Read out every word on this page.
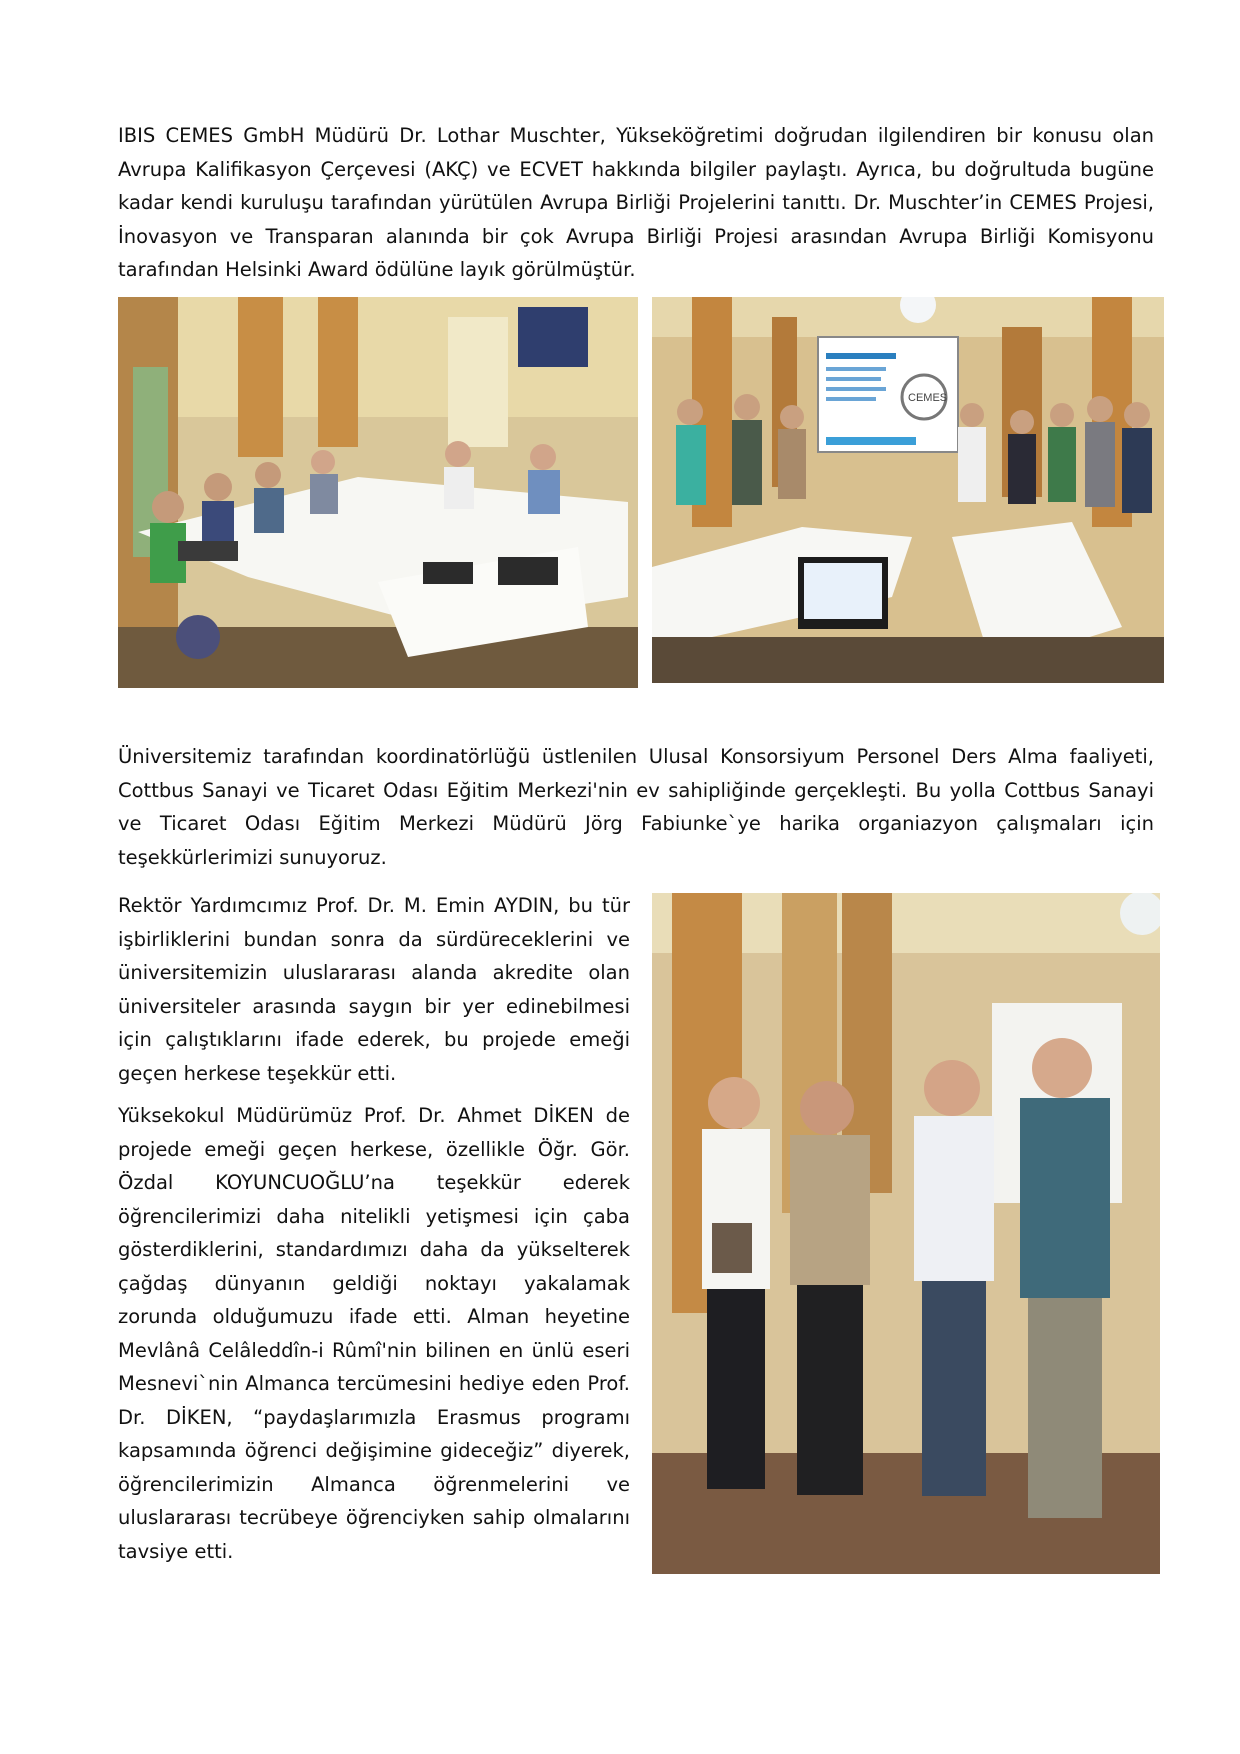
IBIS CEMES GmbH Müdürü Dr. Lothar Muschter, Yükseköğretimi doğrudan ilgilendiren bir konusu olan Avrupa Kalifikasyon Çerçevesi (AKÇ) ve ECVET hakkında bilgiler paylaştı. Ayrıca, bu doğrultuda bugüne kadar kendi kuruluşu tarafından yürütülen Avrupa Birliği Projelerini tanıttı. Dr. Muschter’in CEMES Projesi, İnovasyon ve Transparan alanında bir çok Avrupa Birliği Projesi arasından Avrupa Birliği Komisyonu tarafından Helsinki Award ödülüne layık görülmüştür.

CEMES

Üniversitemiz tarafından koordinatörlüğü üstlenilen Ulusal Konsorsiyum Personel Ders Alma faaliyeti, Cottbus Sanayi ve Ticaret Odası Eğitim Merkezi'nin ev sahipliğinde gerçekleşti. Bu yolla Cottbus Sanayi ve Ticaret Odası Eğitim Merkezi Müdürü Jörg Fabiunke`ye harika organiazyon çalışmaları için teşekkürlerimizi sunuyoruz.

Rektör Yardımcımız Prof. Dr. M. Emin AYDIN, bu tür işbirliklerini bundan sonra da sürdüreceklerini ve üniversitemizin uluslararası alanda akredite olan üniversiteler arasında saygın bir yer edinebilmesi için çalıştıklarını ifade ederek, bu projede emeği geçen herkese teşekkür etti.

Yüksekokul Müdürümüz Prof. Dr. Ahmet DİKEN de projede emeği geçen herkese, özellikle Öğr. Gör. Özdal KOYUNCUOĞLU’na teşekkür ederek öğrencilerimizi daha nitelikli yetişmesi için çaba gösterdiklerini, standardımızı daha da yükselterek çağdaş dünyanın geldiği noktayı yakalamak zorunda olduğumuzu ifade etti. Alman heyetine Mevlânâ Celâleddîn-i Rûmî'nin bilinen en ünlü eseri Mesnevi`nin Almanca tercümesini hediye eden Prof. Dr. DİKEN, “paydaşlarımızla Erasmus programı kapsamında öğrenci değişimine gideceğiz” diyerek, öğrencilerimizin Almanca öğrenmelerini ve uluslararası tecrübeye öğrenciyken sahip olmalarını tavsiye etti.
